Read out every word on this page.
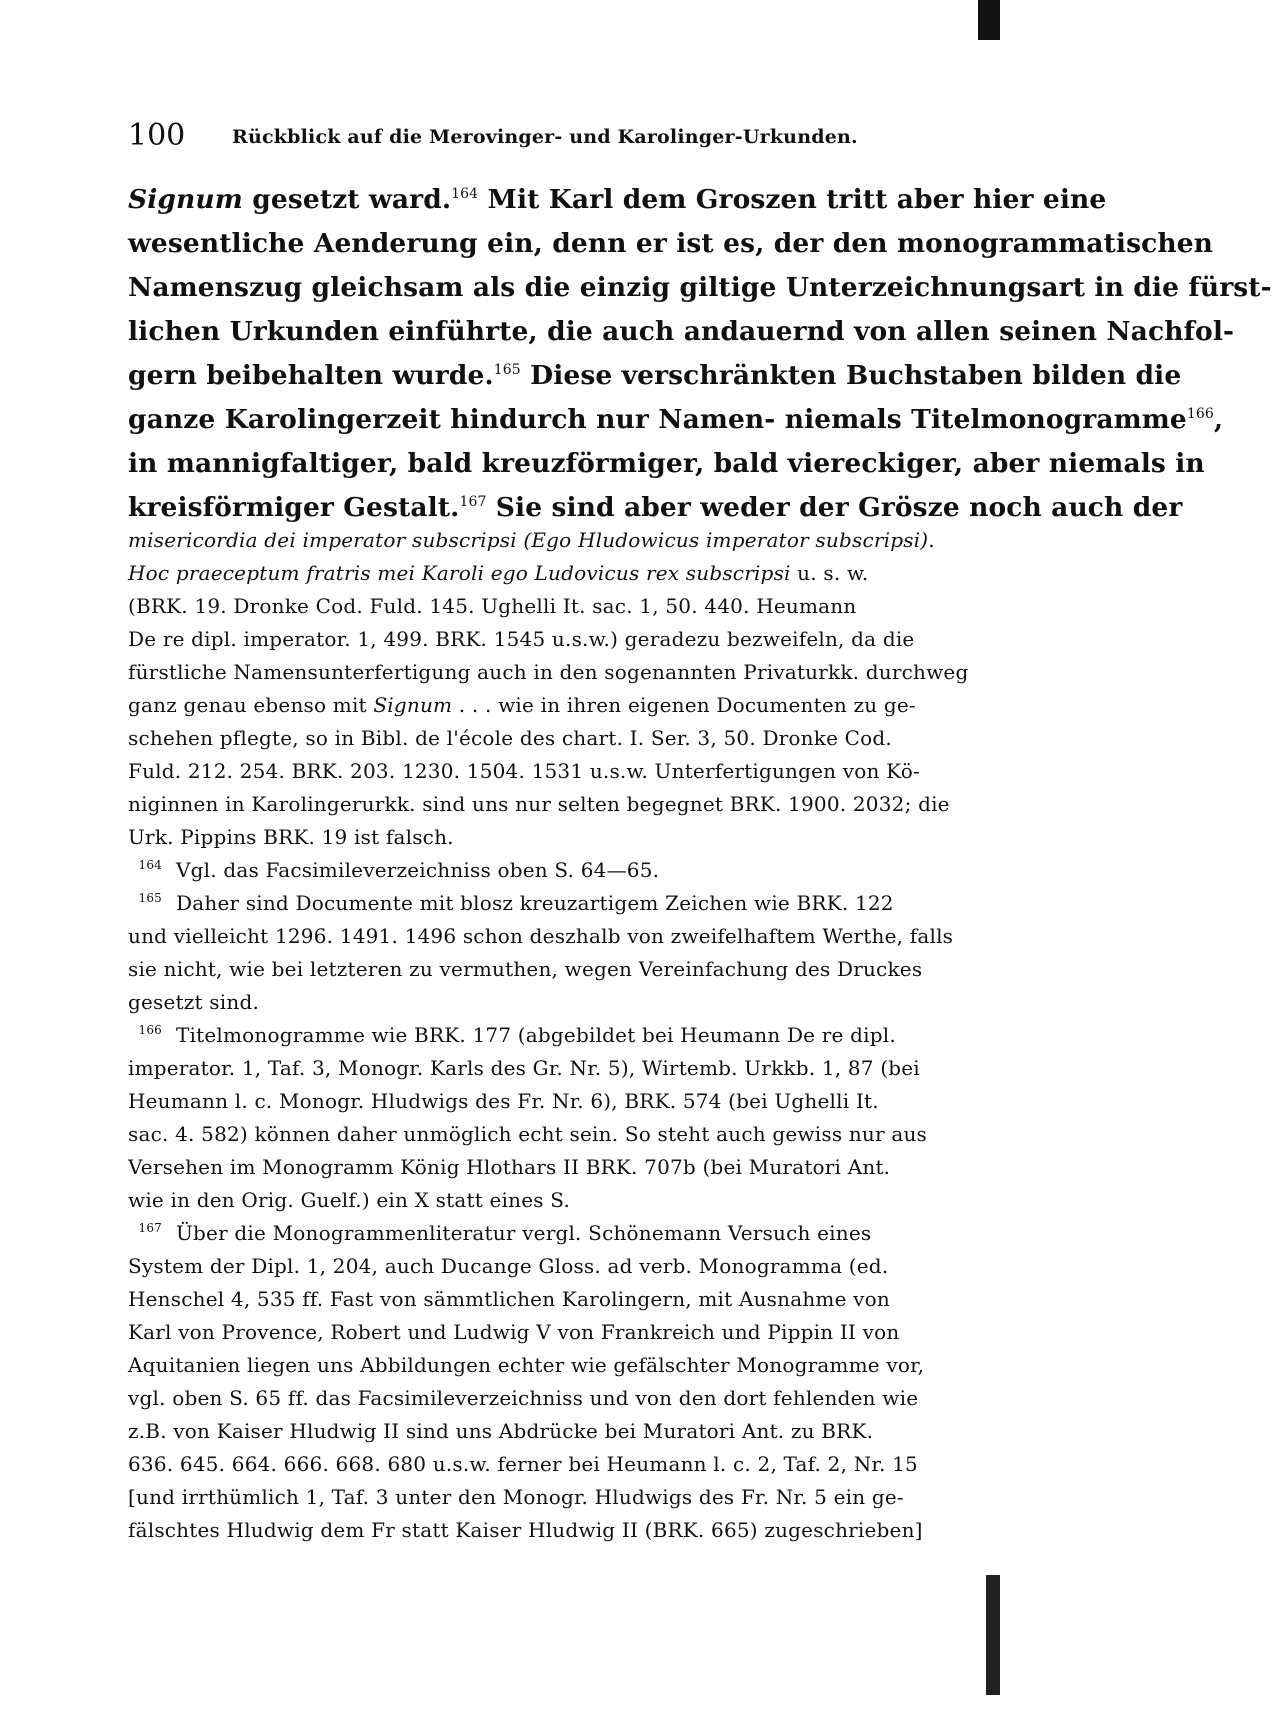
100 Rückblick auf die Merovinger- und Karolinger-Urkunden.

Signum gesetzt ward.$^{164}$ Mit Karl dem Groszen tritt aber hier eine

wesentliche Aenderung ein, denn er ist es, der den monogrammatischen

Namenszug gleichsam als die einzig giltige Unterzeichnungsart in die fürst-

lichen Urkunden einführte, die auch andauernd von allen seinen Nachfol-

gern beibehalten wurde.$^{165}$ Diese verschränkten Buchstaben bilden die

ganze Karolingerzeit hindurch nur Namen- niemals Titelmonogramme$^{166}$,

in mannigfaltiger, bald kreuzförmiger, bald viereckiger, aber niemals in

kreisförmiger Gestalt.$^{167}$ Sie sind aber weder der Grösze noch auch der

misericordia dei imperator subscripsi (Ego Hludowicus imperator subscripsi).

Hoc praeceptum fratris mei Karoli ego Ludovicus rex subscripsi u. s. w.

(BRK. 19. Dronke Cod. Fuld. 145. Ughelli It. sac. 1, 50. 440. Heumann

De re dipl. imperator. 1, 499. BRK. 1545 u.s.w.) geradezu bezweifeln, da die

fürstliche Namensunterfertigung auch in den sogenannten Privaturkk. durchweg

ganz genau ebenso mit Signum . . . wie in ihren eigenen Documenten zu ge-

schehen pflegte, so in Bibl. de l'école des chart. I. Ser. 3, 50. Dronke Cod.

Fuld. 212. 254. BRK. 203. 1230. 1504. 1531 u.s.w. Unterfertigungen von Kö-

niginnen in Karolingerurkk. sind uns nur selten begegnet BRK. 1900. 2032; die

Urk. Pippins BRK. 19 ist falsch.

164 Vgl. das Facsimileverzeichniss oben S. 64—65.

165 Daher sind Documente mit blosz kreuzartigem Zeichen wie BRK. 122

und vielleicht 1296. 1491. 1496 schon deszhalb von zweifelhaftem Werthe, falls

sie nicht, wie bei letzteren zu vermuthen, wegen Vereinfachung des Druckes

gesetzt sind.

166 Titelmonogramme wie BRK. 177 (abgebildet bei Heumann De re dipl.

imperator. 1, Taf. 3, Monogr. Karls des Gr. Nr. 5), Wirtemb. Urkkb. 1, 87 (bei

Heumann l. c. Monogr. Hludwigs des Fr. Nr. 6), BRK. 574 (bei Ughelli It.

sac. 4. 582) können daher unmöglich echt sein. So steht auch gewiss nur aus

Versehen im Monogramm König Hlothars II BRK. 707b (bei Muratori Ant.

wie in den Orig. Guelf.) ein X statt eines S.

167 Über die Monogrammenliteratur vergl. Schönemann Versuch eines

System der Dipl. 1, 204, auch Ducange Gloss. ad verb. Monogramma (ed.

Henschel 4, 535 ff. Fast von sämmtlichen Karolingern, mit Ausnahme von

Karl von Provence, Robert und Ludwig V von Frankreich und Pippin II von

Aquitanien liegen uns Abbildungen echter wie gefälschter Monogramme vor,

vgl. oben S. 65 ff. das Facsimileverzeichniss und von den dort fehlenden wie

z.B. von Kaiser Hludwig II sind uns Abdrücke bei Muratori Ant. zu BRK.

636. 645. 664. 666. 668. 680 u.s.w. ferner bei Heumann l. c. 2, Taf. 2, Nr. 15

[und irrthümlich 1, Taf. 3 unter den Monogr. Hludwigs des Fr. Nr. 5 ein ge-

fälschtes Hludwig dem Fr statt Kaiser Hludwig II (BRK. 665) zugeschrieben]
